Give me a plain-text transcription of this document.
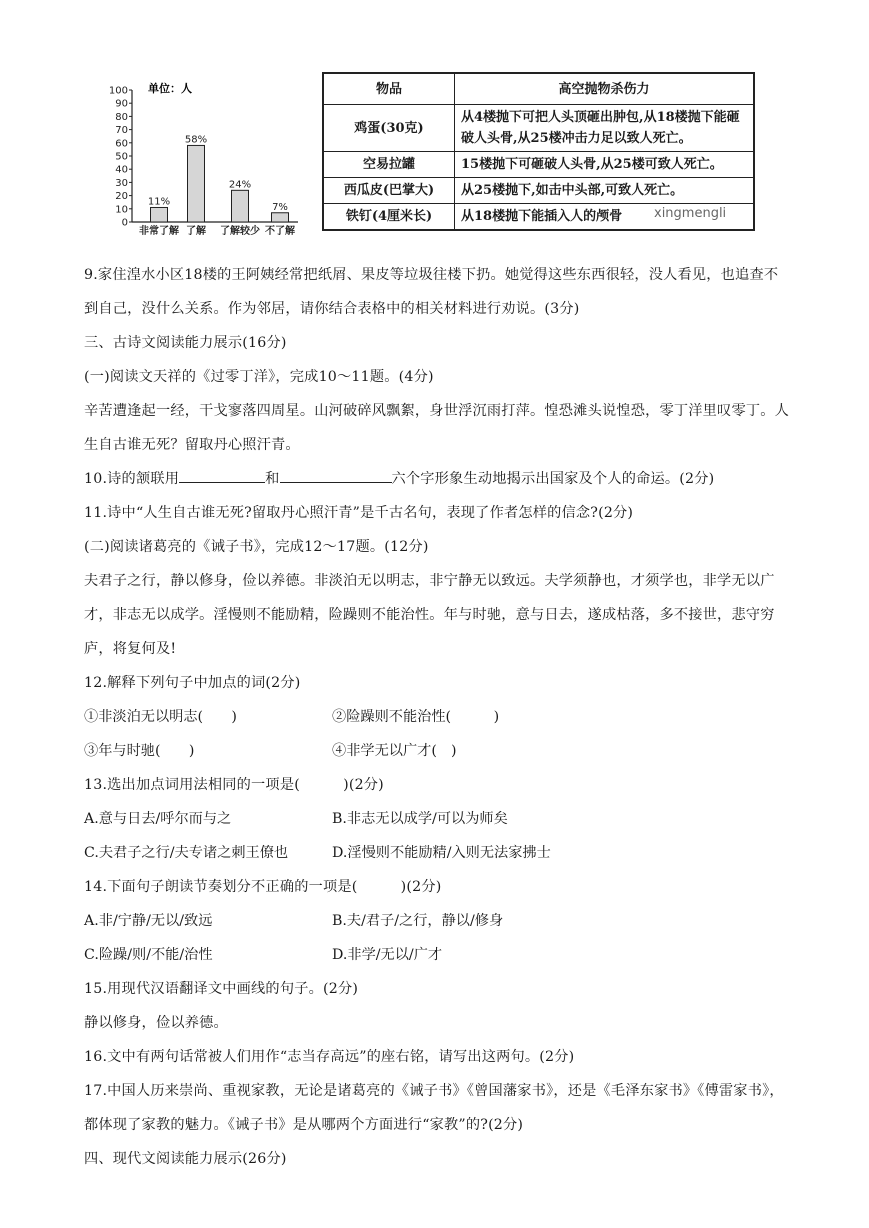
单位：人
100
90
80
70
60
50
40
30
20
10
0
11%
58%
24%
7%
非常了解 了解 了解较少 不了解
物品	高空抛物杀伤力
鸡蛋(30克)	从4楼抛下可把人头顶砸出肿包,从18楼抛下能砸破人头骨,从25楼冲击力足以致人死亡。
空易拉罐	15楼抛下可砸破人头骨,从25楼可致人死亡。
西瓜皮(巴掌大)	从25楼抛下,如击中头部,可致人死亡。
铁钉(4厘米长)	从18楼抛下能插入人的颅骨 xingmengli

9.家住湟水小区18楼的王阿姨经常把纸屑、果皮等垃圾往楼下扔。她觉得这些东西很轻，没人看见，也追查不到自己，没什么关系。作为邻居，请你结合表格中的相关材料进行劝说。(3分)

三、古诗文阅读能力展示(16分)

(一)阅读文天祥的《过零丁洋》，完成10～11题。(4分)

辛苦遭逢起一经，干戈寥落四周星。山河破碎风飘絮，身世浮沉雨打萍。惶恐滩头说惶恐，零丁洋里叹零丁。人生自古谁无死？留取丹心照汗青。

10.诗的颔联用	和	六个字形象生动地揭示出国家及个人的命运。(2分)

11.诗中“人生自古谁无死?留取丹心照汗青”是千古名句，表现了作者怎样的信念?(2分)

(二)阅读诸葛亮的《诫子书》，完成12～17题。(12分)

夫君子之行，静以修身，俭以养德。非淡泊无以明志，非宁静无以致远。夫学须静也，才须学也，非学无以广才，非志无以成学。淫慢则不能励精，险躁则不能治性。年与时驰，意与日去，遂成枯落，多不接世，悲守穷庐，将复何及!

12.解释下列句子中加点的词(2分)

①非淡泊无以明志(　　)	②险躁则不能治性(　　　)
③年与时驰(　　)	④非学无以广才(　)

13.选出加点词用法相同的一项是(　　　)(2分)

A.意与日去/呼尔而与之	B.非志无以成学/可以为师矣
C.夫君子之行/夫专诸之刺王僚也	D.淫慢则不能励精/入则无法家拂士

14.下面句子朗读节奏划分不正确的一项是(　　　)(2分)

A.非/宁静/无以/致远	B.夫/君子/之行，静以/修身
C.险躁/则/不能/治性	D.非学/无以/广才

15.用现代汉语翻译文中画线的句子。(2分)

静以修身，俭以养德。

16.文中有两句话常被人们用作“志当存高远”的座右铭，请写出这两句。(2分)

17.中国人历来崇尚、重视家教，无论是诸葛亮的《诫子书》《曾国藩家书》，还是《毛泽东家书》《傅雷家书》，都体现了家教的魅力。《诫子书》是从哪两个方面进行“家教”的?(2分)

四、现代文阅读能力展示(26分)
